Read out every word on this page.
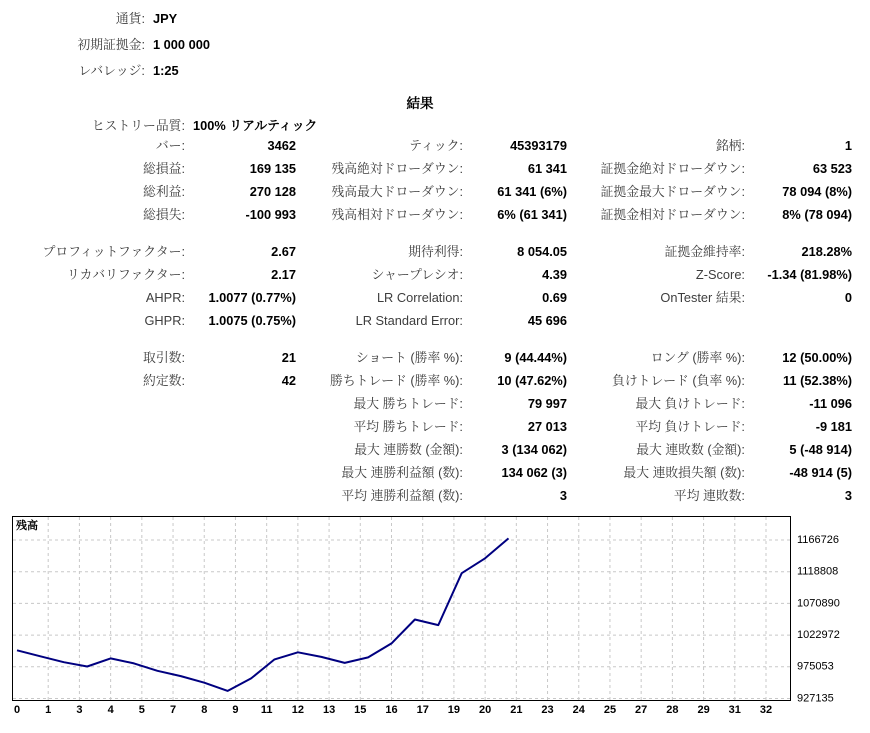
通貨: JPY
初期証拠金: 1 000 000
レバレッジ: 1:25
結果
ヒストリー品質: 100% リアルティック
バー:	3462	ティック:	45393179	銘柄:	1
総損益:	169 135	残高絶対ドローダウン:	61 341	証拠金絶対ドローダウン:	63 523
総利益:	270 128	残高最大ドローダウン:	61 341 (6%)	証拠金最大ドローダウン:	78 094 (8%)
総損失:	-100 993	残高相対ドローダウン:	6% (61 341)	証拠金相対ドローダウン:	8% (78 094)
プロフィットファクター:	2.67	期待利得:	8 054.05	証拠金維持率:	218.28%
リカバリファクター:	2.17	シャープレシオ:	4.39	Z-Score:	-1.34 (81.98%)
AHPR:	1.0077 (0.77%)	LR Correlation:	0.69	OnTester 結果:	0
GHPR:	1.0075 (0.75%)	LR Standard Error:	45 696
取引数:	21	ショート (勝率 %):	9 (44.44%)	ロング (勝率 %):	12 (50.00%)
約定数:	42	勝ちトレード (勝率 %):	10 (47.62%)	負けトレード (負率 %):	11 (52.38%)
最大 勝ちトレード:	79 997	最大 負けトレード:	-11 096
平均 勝ちトレード:	27 013	平均 負けトレード:	-9 181
最大 連勝数 (金額):	3 (134 062)	最大 連敗数 (金額):	5 (-48 914)
最大 連勝利益額 (数):	134 062 (3)	最大 連敗損失額 (数):	-48 914 (5)
平均 連勝利益額 (数):	3	平均 連敗数:	3
1166726
1118808
1070890
1022972
975053
927135
0 1 3 4 5 7 8 9 11 12 13 15 16 17 19 20 21 23 24 25 27 28 29 31 32
残高
